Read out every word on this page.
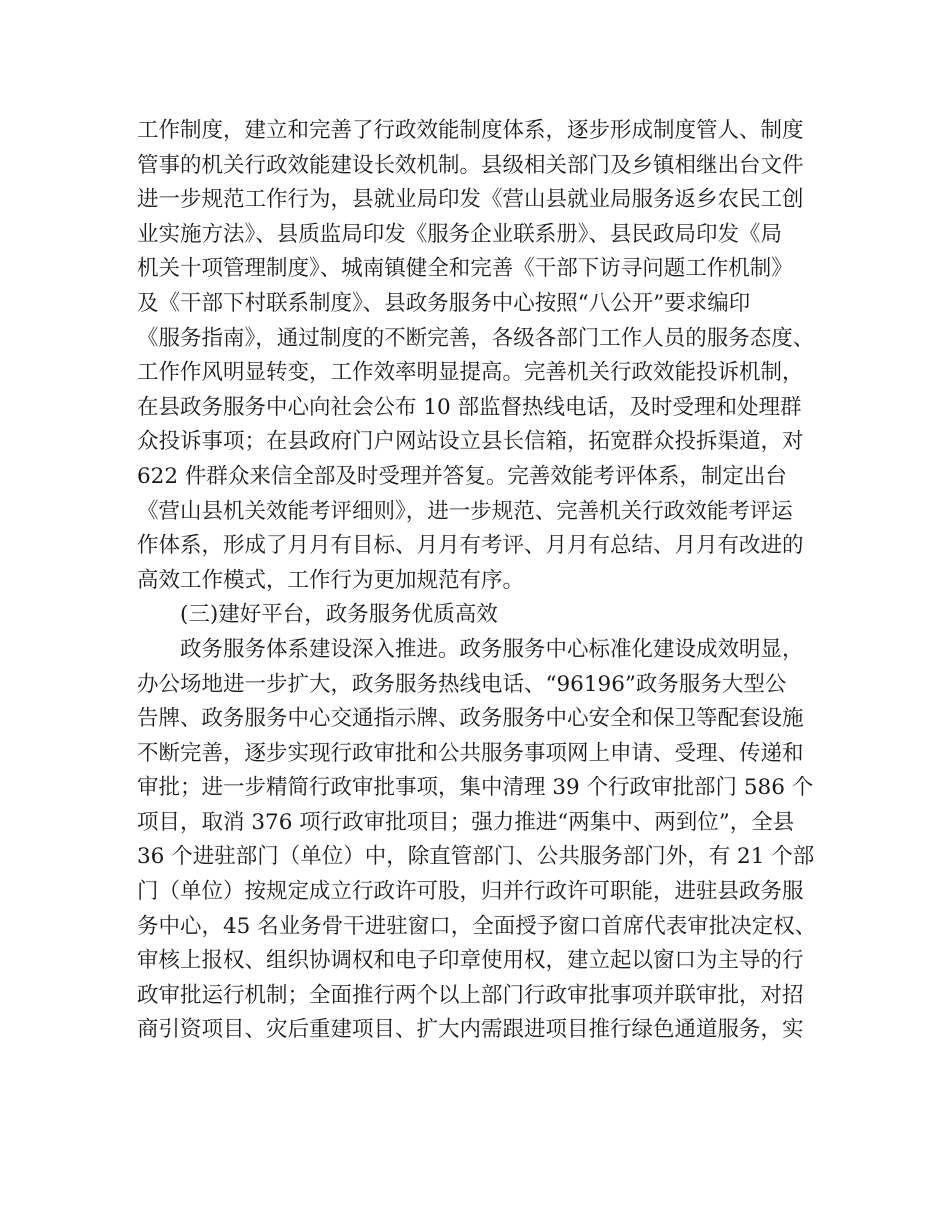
工作制度，建立和完善了行政效能制度体系，逐步形成制度管人、制度
管事的机关行政效能建设长效机制。县级相关部门及乡镇相继出台文件
进一步规范工作行为，县就业局印发《营山县就业局服务返乡农民工创
业实施方法》、县质监局印发《服务企业联系册》、县民政局印发《局
机关十项管理制度》、城南镇健全和完善《干部下访寻问题工作机制》
及《干部下村联系制度》、县政务服务中心按照“八公开”要求编印
《服务指南》，通过制度的不断完善，各级各部门工作人员的服务态度、
工作作风明显转变，工作效率明显提高。完善机关行政效能投诉机制，
在县政务服务中心向社会公布 10 部监督热线电话，及时受理和处理群
众投诉事项；在县政府门户网站设立县长信箱，拓宽群众投拆渠道，对
622 件群众来信全部及时受理并答复。完善效能考评体系，制定出台
《营山县机关效能考评细则》，进一步规范、完善机关行政效能考评运
作体系，形成了月月有目标、月月有考评、月月有总结、月月有改进的
高效工作模式，工作行为更加规范有序。
(三)建好平台，政务服务优质高效
政务服务体系建设深入推进。政务服务中心标准化建设成效明显，
办公场地进一步扩大，政务服务热线电话、“96196”政务服务大型公
告牌、政务服务中心交通指示牌、政务服务中心安全和保卫等配套设施
不断完善，逐步实现行政审批和公共服务事项网上申请、受理、传递和
审批；进一步精简行政审批事项，集中清理 39 个行政审批部门 586 个
项目，取消 376 项行政审批项目；强力推进“两集中、两到位”，全县
36 个进驻部门（单位）中，除直管部门、公共服务部门外，有 21 个部
门（单位）按规定成立行政许可股，归并行政许可职能，进驻县政务服
务中心，45 名业务骨干进驻窗口，全面授予窗口首席代表审批决定权、
审核上报权、组织协调权和电子印章使用权，建立起以窗口为主导的行
政审批运行机制；全面推行两个以上部门行政审批事项并联审批，对招
商引资项目、灾后重建项目、扩大内需跟进项目推行绿色通道服务，实
